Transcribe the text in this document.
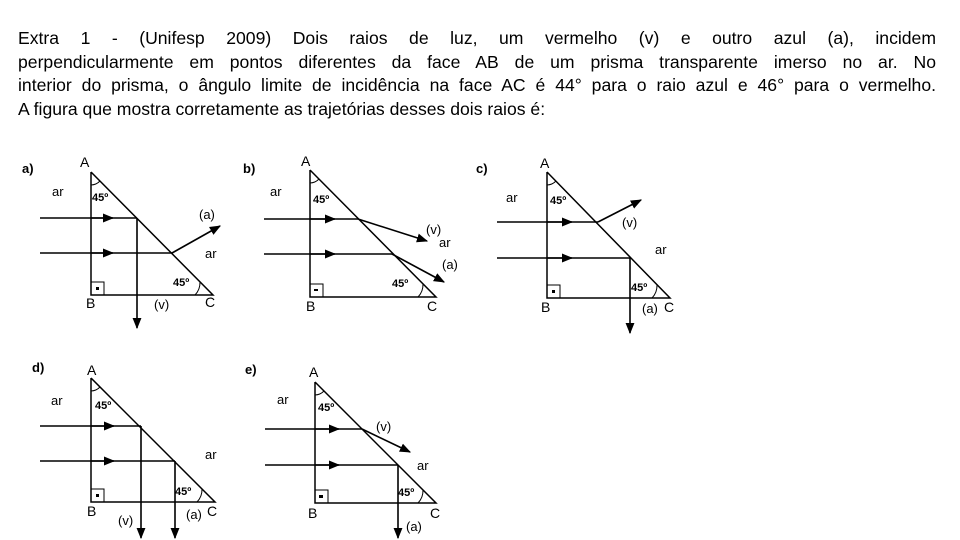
Extra 1 - (Unifesp 2009) Dois raios de luz, um vermelho (v) e outro azul (a), incidem
perpendicularmente em pontos diferentes da face AB de um prisma transparente imerso no ar. No
interior do prisma, o ângulo limite de incidência na face AC é 44° para o raio azul e 46° para o vermelho.
A figura que mostra corretamente as trajetórias desses dois raios é:

a)	A
B	C
ar
ar
45º
45º
(a)
(v)
b)	A
B	C
ar
ar
45º
45º
(v)
(a)
c)	A
B	C
ar
ar
45º
45º
(v)
(a)
d)	A
B	C
ar
ar
45º
45º
(v)	(a)
e)	A
B	C
ar
ar
45º
45º
(v)
(a)
